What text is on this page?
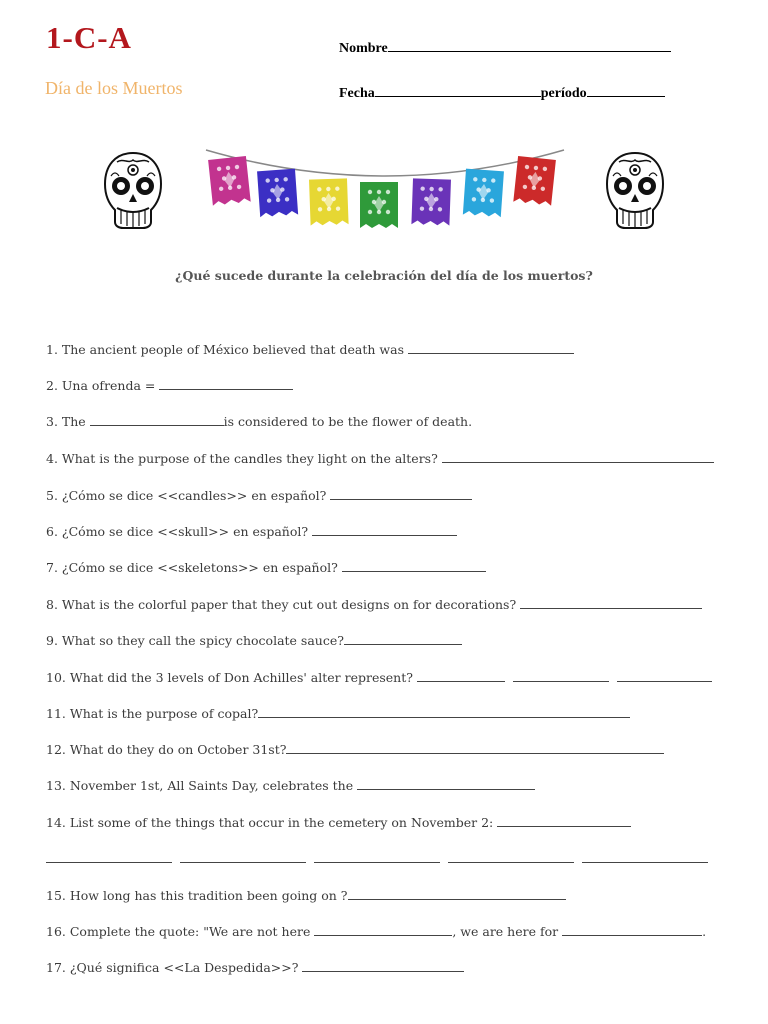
1-C-A
Día de los Muertos
Nombre
Fecha	período
¿Qué sucede durante la celebración del día de los muertos?
1. The ancient people of México believed that death was
2. Una ofrenda =
3. The	is considered to be the flower of death.
4. What is the purpose of the candles they light on the alters?
5. ¿Cómo se dice <<candles>> en español?
6. ¿Cómo se dice <<skull>> en español?
7. ¿Cómo se dice <<skeletons>> en español?
8. What is the colorful paper that they cut out designs on for decorations?
9. What so they call the spicy chocolate sauce?
10. What did the 3 levels of Don Achilles' alter represent?
11. What is the purpose of copal?
12. What do they do on October 31st?
13. November 1st, All Saints Day, celebrates the
14. List some of the things that occur in the cemetery on November 2:

15. How long has this tradition been going on ?
16. Complete the quote: "We are not here	, we are here for	.
17. ¿Qué significa <<La Despedida>>?
